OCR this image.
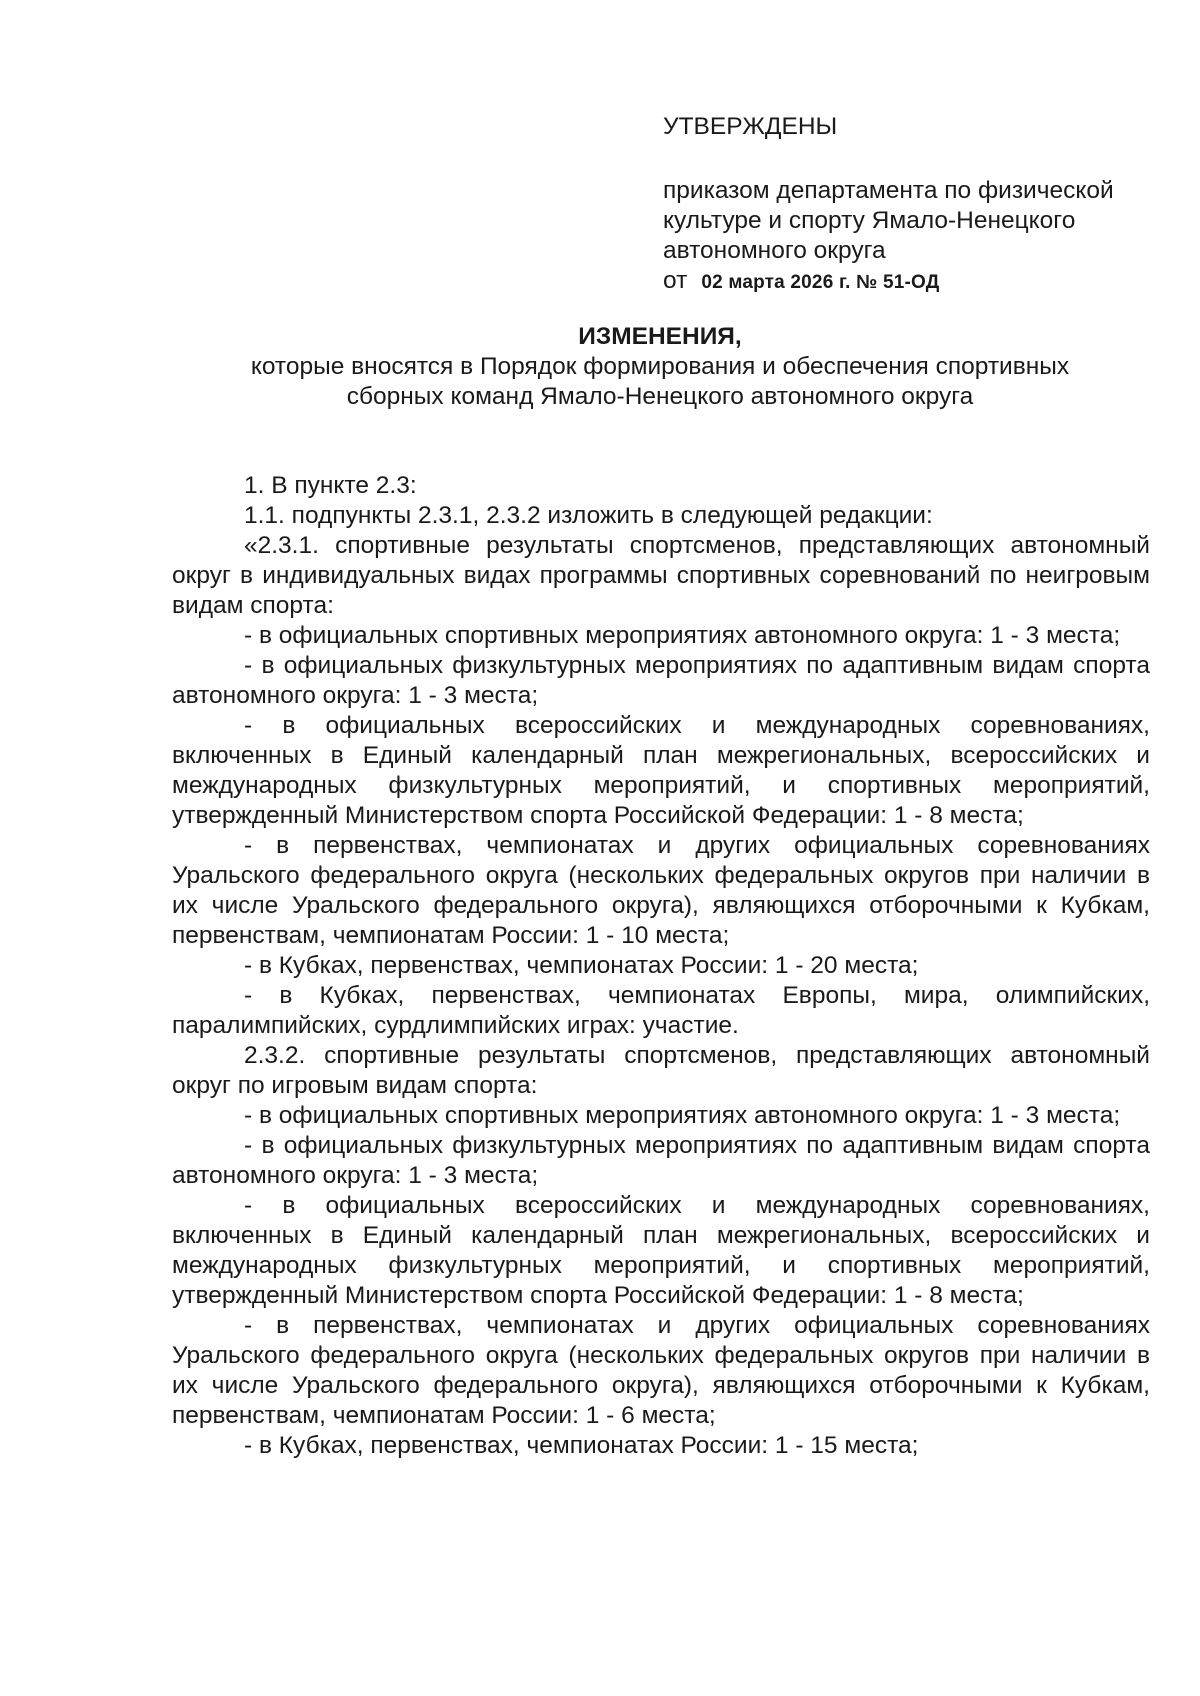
УТВЕРЖДЕНЫ
приказом департамента по физической
культуре и спорту Ямало-Ненецкого
автономного округа
от 02 марта 2026 г. № 51-ОД
ИЗМЕНЕНИЯ,
которые вносятся в Порядок формирования и обеспечения спортивных
сборных команд Ямало-Ненецкого автономного округа

1. В пункте 2.3:

1.1. подпункты 2.3.1, 2.3.2 изложить в следующей редакции:

«2.3.1. спортивные результаты спортсменов, представляющих автономный округ в индивидуальных видах программы спортивных соревнований по неигровым видам спорта:

- в официальных спортивных мероприятиях автономного округа: 1 - 3 места;

- в официальных физкультурных мероприятиях по адаптивным видам спорта автономного округа: 1 - 3 места;

- в официальных всероссийских и международных соревнованиях, включенных в Единый календарный план межрегиональных, всероссийских и международных физкультурных мероприятий, и спортивных мероприятий, утвержденный Министерством спорта Российской Федерации: 1 - 8 места;

- в первенствах, чемпионатах и других официальных соревнованиях Уральского федерального округа (нескольких федеральных округов при наличии в их числе Уральского федерального округа), являющихся отборочными к Кубкам, первенствам, чемпионатам России: 1 - 10 места;

- в Кубках, первенствах, чемпионатах России: 1 - 20 места;

- в Кубках, первенствах, чемпионатах Европы, мира, олимпийских, паралимпийских, сурдлимпийских играх: участие.

2.3.2. спортивные результаты спортсменов, представляющих автономный округ по игровым видам спорта:

- в официальных спортивных мероприятиях автономного округа: 1 - 3 места;

- в официальных физкультурных мероприятиях по адаптивным видам спорта автономного округа: 1 - 3 места;

- в официальных всероссийских и международных соревнованиях, включенных в Единый календарный план межрегиональных, всероссийских и международных физкультурных мероприятий, и спортивных мероприятий, утвержденный Министерством спорта Российской Федерации: 1 - 8 места;

- в первенствах, чемпионатах и других официальных соревнованиях Уральского федерального округа (нескольких федеральных округов при наличии в их числе Уральского федерального округа), являющихся отборочными к Кубкам, первенствам, чемпионатам России: 1 - 6 места;

- в Кубках, первенствах, чемпионатах России: 1 - 15 места;
